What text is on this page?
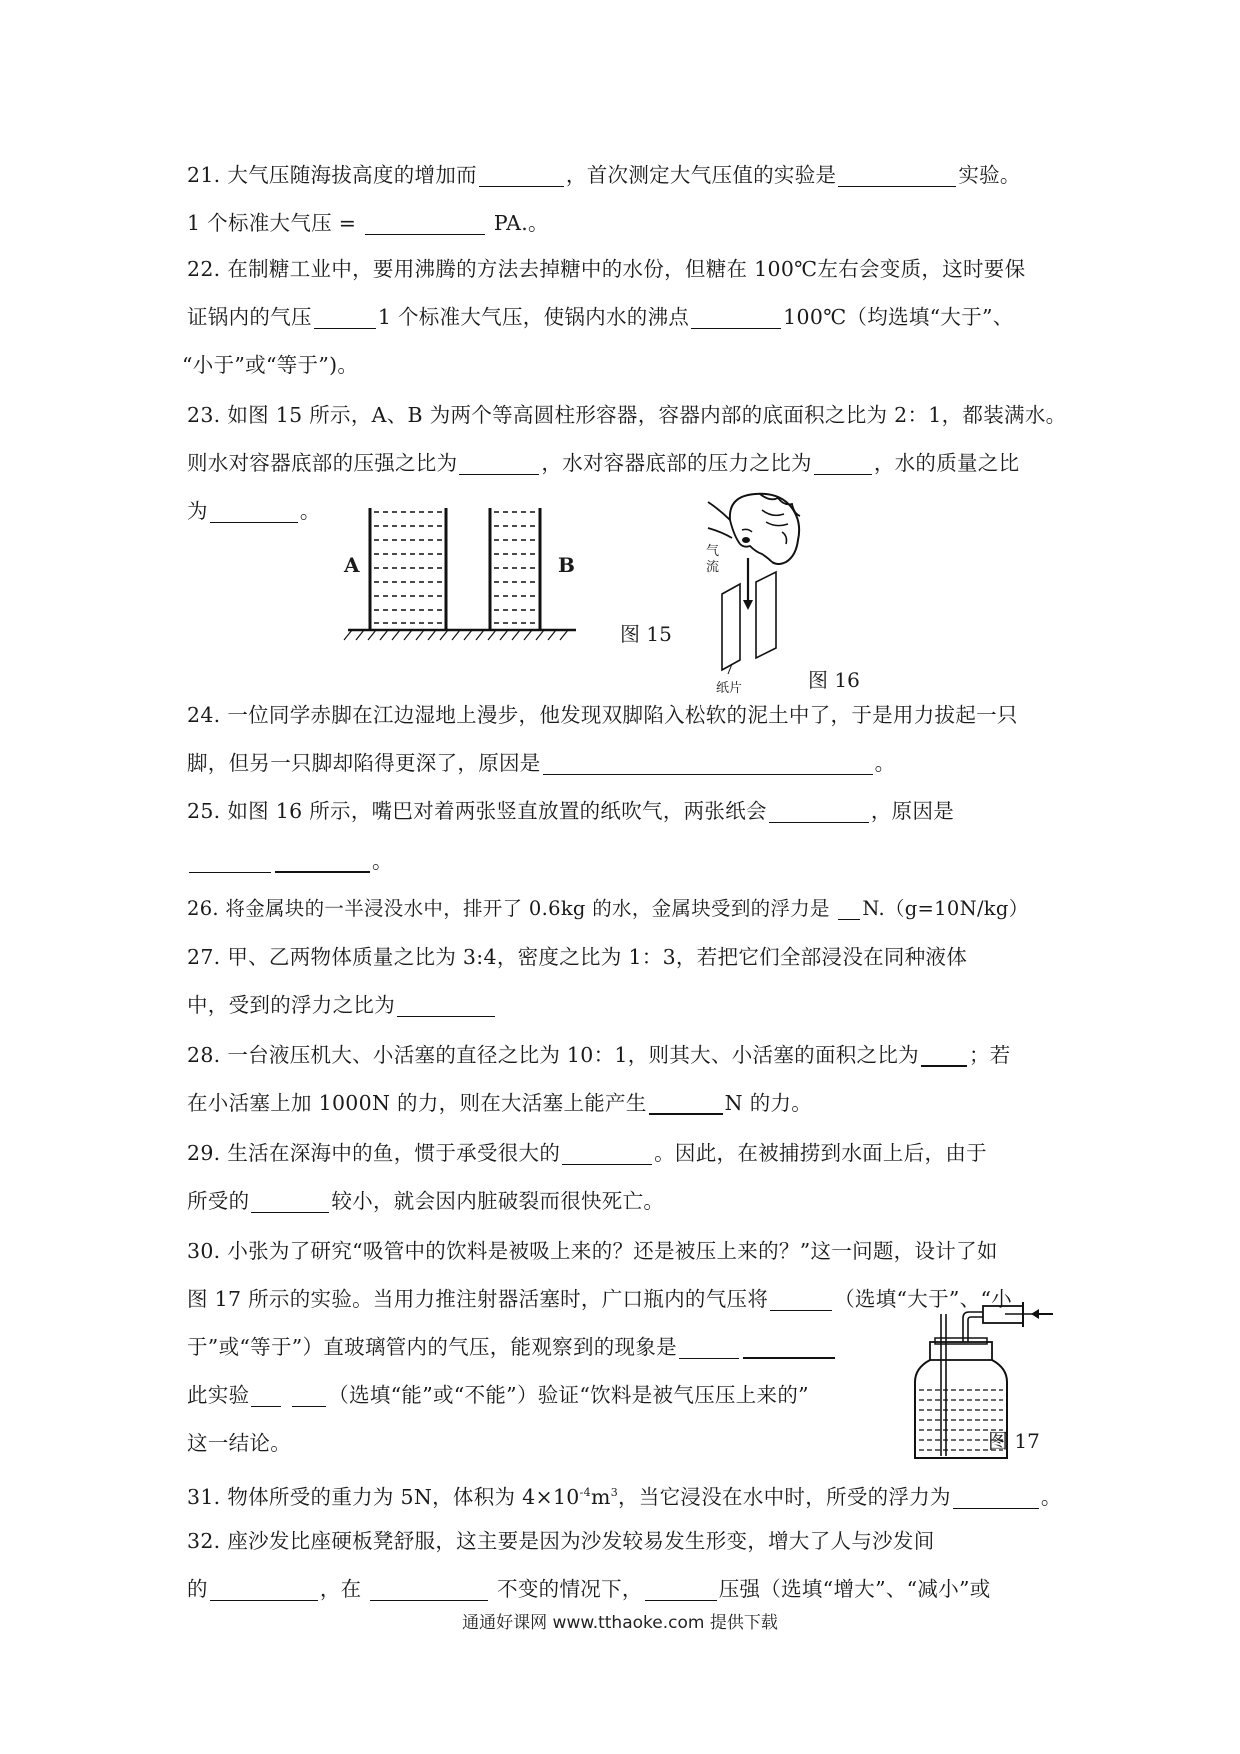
21. 大气压随海拔高度的增加而	，首次测定大气压值的实验是	实验。
1 个标准大气压 =	PA.。
22. 在制糖工业中，要用沸腾的方法去掉糖中的水份，但糖在 100℃左右会变质，这时要保
证锅内的气压	1 个标准大气压，使锅内水的沸点	100℃（均选填“大于”、
“小于”或“等于”)。
23. 如图 15 所示，A、B 为两个等高圆柱形容器，容器内部的底面积之比为 2：1，都装满水。
则水对容器底部的压强之比为	，水对容器底部的压力之比为	，水的质量之比
为	。
A	B
图 15
气
流
纸片	图 16
24. 一位同学赤脚在江边湿地上漫步，他发现双脚陷入松软的泥土中了，于是用力拔起一只
脚，但另一只脚却陷得更深了，原因是	。
25. 如图 16 所示，嘴巴对着两张竖直放置的纸吹气，两张纸会	，原因是
。
26. 将金属块的一半浸没水中，排开了 0.6kg 的水，金属块受到的浮力是 N.（g=10N/kg）
27. 甲、乙两物体质量之比为 3:4，密度之比为 1：3，若把它们全部浸没在同种液体
中，受到的浮力之比为
28. 一台液压机大、小活塞的直径之比为 10：1，则其大、小活塞的面积之比为 ；若
在小活塞上加 1000N 的力，则在大活塞上能产生	N 的力。
29. 生活在深海中的鱼，惯于承受很大的	。因此，在被捕捞到水面上后，由于
所受的	较小，就会因内脏破裂而很快死亡。
30. 小张为了研究“吸管中的饮料是被吸上来的？还是被压上来的？”这一问题，设计了如
图 17 所示的实验。当用力推注射器活塞时，广口瓶内的气压将	（选填“大于”、“小
于”或“等于”）直玻璃管内的气压，能观察到的现象是
此实验	（选填“能”或“不能”）验证“饮料是被气压压上来的”
这一结论。	图 17
31. 物体所受的重力为 5N，体积为 $4\times 10^{-4}m^3$，当它浸没在水中时，所受的浮力为	。
32. 座沙发比座硬板凳舒服，这主要是因为沙发较易发生形变，增大了人与沙发间
的	，在	不变的情况下，	压强（选填“增大”、“减小”或
通通好课网 www.tthaoke.com 提供下载
